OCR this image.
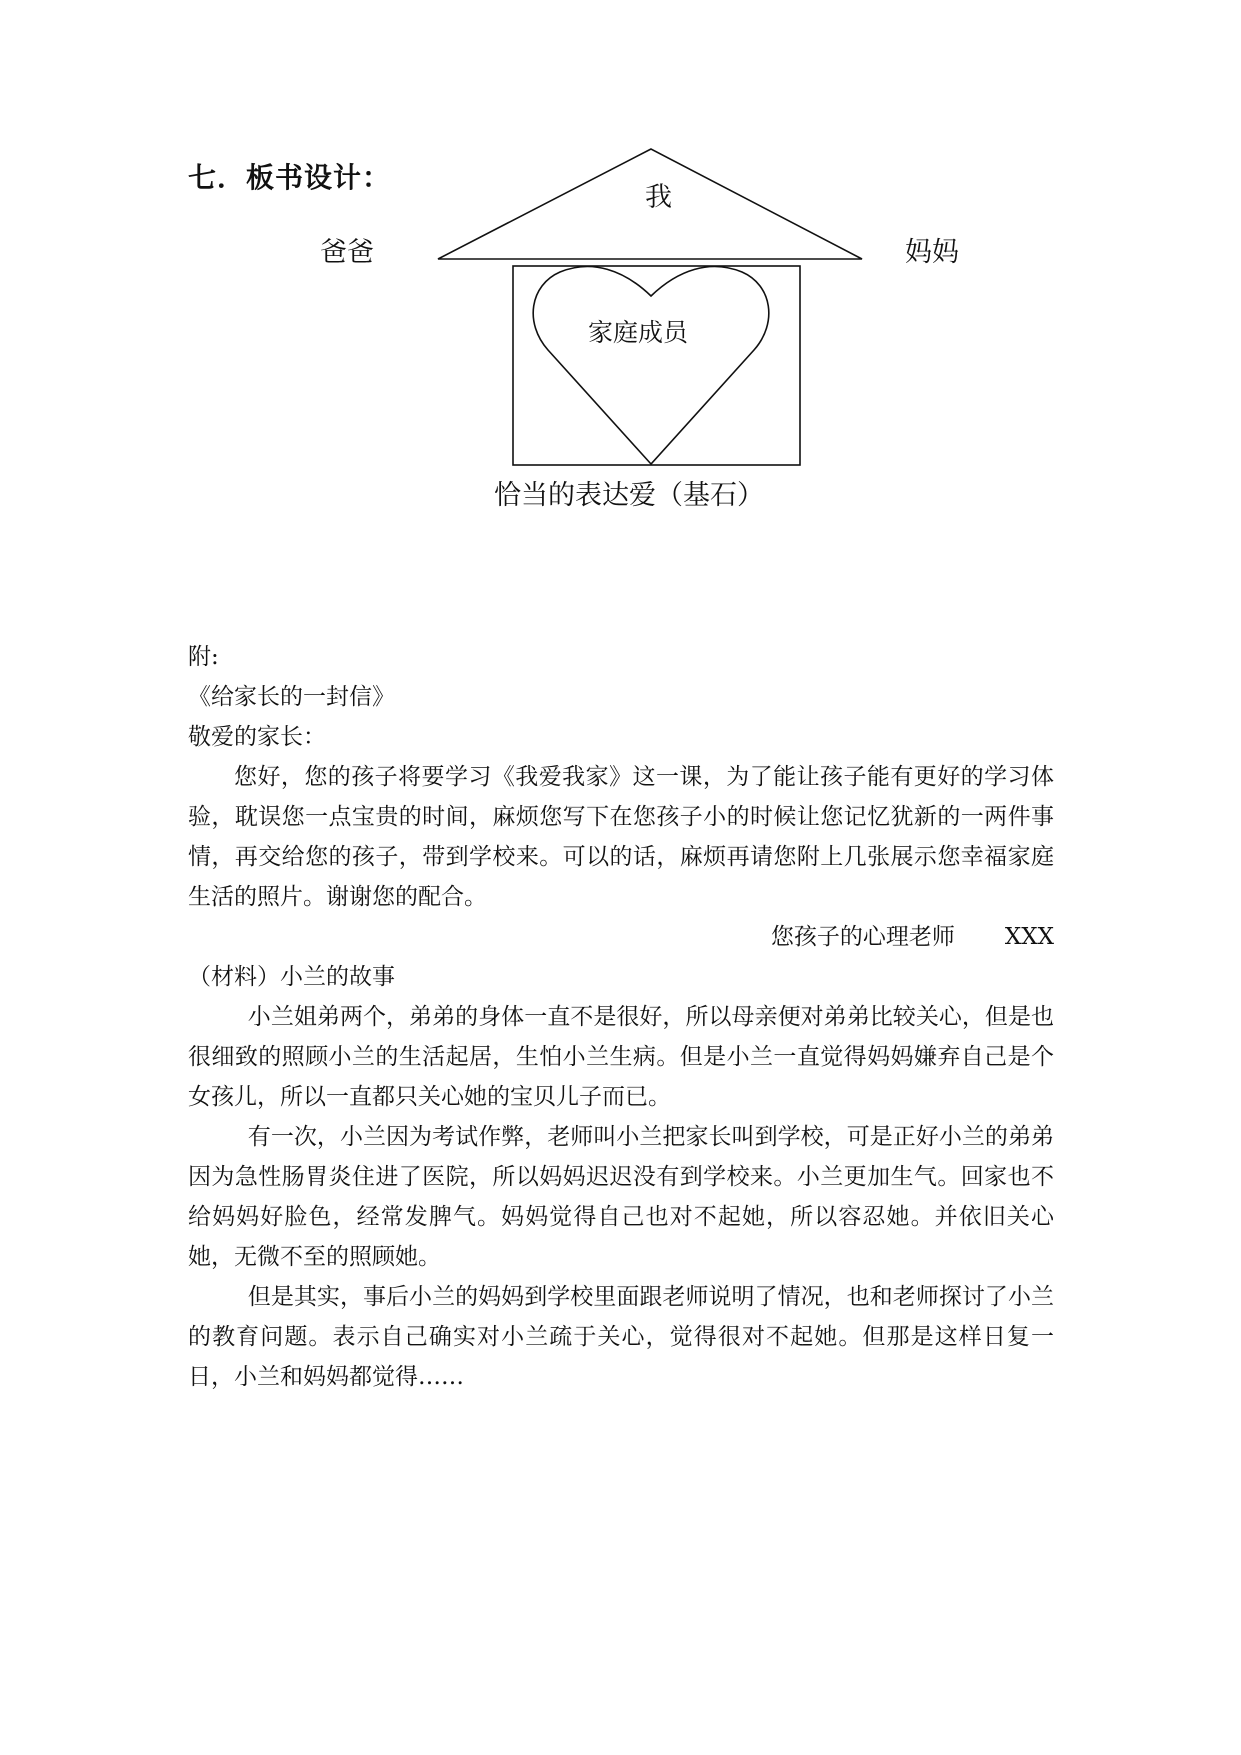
七．板书设计：
我
爸爸	妈妈
家庭成员
恰当的表达爱（基石）
附:
《给家长的一封信》
敬爱的家长：
您好，您的孩子将要学习《我爱我家》这一课，为了能让孩子能有更好的学习体验，耽误您一点宝贵的时间，麻烦您写下在您孩子小的时候让您记忆犹新的一两件事情，再交给您的孩子，带到学校来。可以的话，麻烦再请您附上几张展示您幸福家庭生活的照片。谢谢您的配合。
您孩子的心理老师 XXX
（材料）小兰的故事
小兰姐弟两个，弟弟的身体一直不是很好，所以母亲便对弟弟比较关心，但是也很细致的照顾小兰的生活起居，生怕小兰生病。但是小兰一直觉得妈妈嫌弃自己是个女孩儿，所以一直都只关心她的宝贝儿子而已。
有一次，小兰因为考试作弊，老师叫小兰把家长叫到学校，可是正好小兰的弟弟因为急性肠胃炎住进了医院，所以妈妈迟迟没有到学校来。小兰更加生气。回家也不给妈妈好脸色，经常发脾气。妈妈觉得自己也对不起她，所以容忍她。并依旧关心她，无微不至的照顾她。
但是其实，事后小兰的妈妈到学校里面跟老师说明了情况，也和老师探讨了小兰的教育问题。表示自己确实对小兰疏于关心，觉得很对不起她。但那是这样日复一日，小兰和妈妈都觉得……
